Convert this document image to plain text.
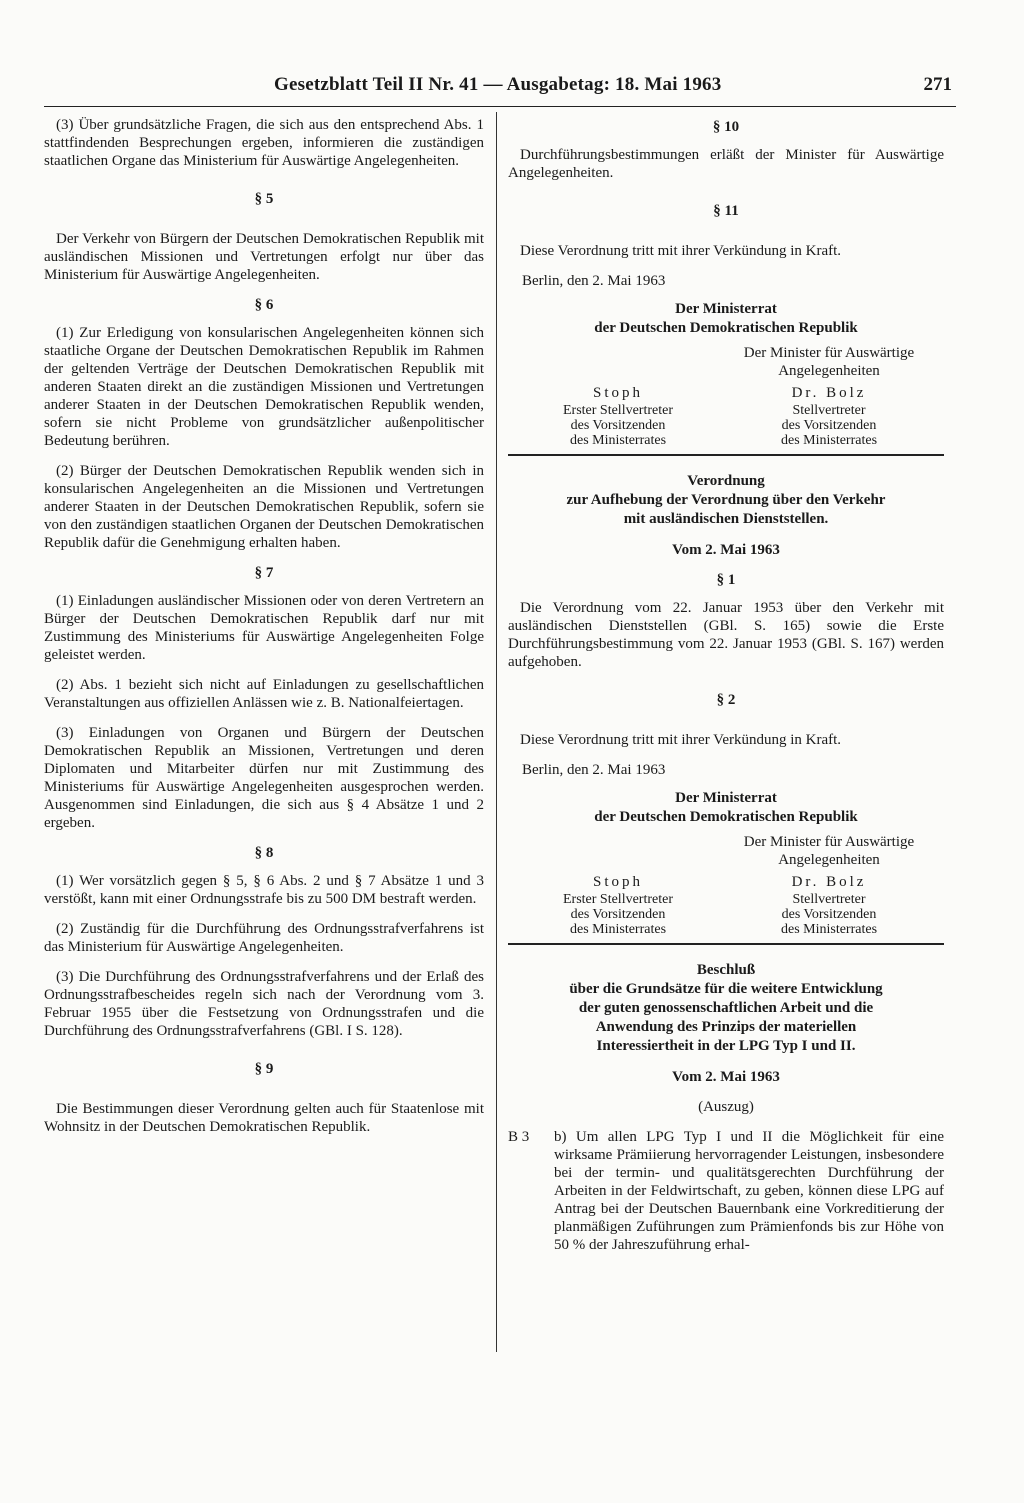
Gesetzblatt Teil II Nr. 41 — Ausgabetag: 18. Mai 1963	271

(3) Über grundsätzliche Fragen, die sich aus den entsprechend Abs. 1 stattfindenden Besprechungen ergeben, informieren die zuständigen staatlichen Organe das Ministerium für Auswärtige Angelegenheiten.

§ 5

Der Verkehr von Bürgern der Deutschen Demokratischen Republik mit ausländischen Missionen und Vertretungen erfolgt nur über das Ministerium für Auswärtige Angelegenheiten.

§ 6

(1) Zur Erledigung von konsularischen Angelegenheiten können sich staatliche Organe der Deutschen Demokratischen Republik im Rahmen der geltenden Verträge der Deutschen Demokratischen Republik mit anderen Staaten direkt an die zuständigen Missionen und Vertretungen anderer Staaten in der Deutschen Demokratischen Republik wenden, sofern sie nicht Probleme von grundsätzlicher außenpolitischer Bedeutung berühren.

(2) Bürger der Deutschen Demokratischen Republik wenden sich in konsularischen Angelegenheiten an die Missionen und Vertretungen anderer Staaten in der Deutschen Demokratischen Republik, sofern sie von den zuständigen staatlichen Organen der Deutschen Demokratischen Republik dafür die Genehmigung erhalten haben.

§ 7

(1) Einladungen ausländischer Missionen oder von deren Vertretern an Bürger der Deutschen Demokratischen Republik darf nur mit Zustimmung des Ministeriums für Auswärtige Angelegenheiten Folge geleistet werden.

(2) Abs. 1 bezieht sich nicht auf Einladungen zu gesellschaftlichen Veranstaltungen aus offiziellen Anlässen wie z. B. Nationalfeiertagen.

(3) Einladungen von Organen und Bürgern der Deutschen Demokratischen Republik an Missionen, Vertretungen und deren Diplomaten und Mitarbeiter dürfen nur mit Zustimmung des Ministeriums für Auswärtige Angelegenheiten ausgesprochen werden. Ausgenommen sind Einladungen, die sich aus § 4 Absätze 1 und 2 ergeben.

§ 8

(1) Wer vorsätzlich gegen § 5, § 6 Abs. 2 und § 7 Absätze 1 und 3 verstößt, kann mit einer Ordnungsstrafe bis zu 500 DM bestraft werden.

(2) Zuständig für die Durchführung des Ordnungsstrafverfahrens ist das Ministerium für Auswärtige Angelegenheiten.

(3) Die Durchführung des Ordnungsstrafverfahrens und der Erlaß des Ordnungsstrafbescheides regeln sich nach der Verordnung vom 3. Februar 1955 über die Festsetzung von Ordnungsstrafen und die Durchführung des Ordnungsstrafverfahrens (GBl. I S. 128).

§ 9

Die Bestimmungen dieser Verordnung gelten auch für Staatenlose mit Wohnsitz in der Deutschen Demokratischen Republik.

§ 10

Durchführungsbestimmungen erläßt der Minister für Auswärtige Angelegenheiten.

§ 11

Diese Verordnung tritt mit ihrer Verkündung in Kraft.

Berlin, den 2. Mai 1963
Der Ministerrat
der Deutschen Demokratischen Republik
Der Minister für Auswärtige
Angelegenheiten
Stoph
Erster Stellvertreter
des Vorsitzenden
des Ministerrates
Dr. Bolz
Stellvertreter
des Vorsitzenden
des Ministerrates
Verordnung
zur Aufhebung der Verordnung über den Verkehr
mit ausländischen Dienststellen.
Vom 2. Mai 1963
§ 1

Die Verordnung vom 22. Januar 1953 über den Verkehr mit ausländischen Dienststellen (GBl. S. 165) sowie die Erste Durchführungsbestimmung vom 22. Januar 1953 (GBl. S. 167) werden aufgehoben.

§ 2

Diese Verordnung tritt mit ihrer Verkündung in Kraft.

Berlin, den 2. Mai 1963
Der Ministerrat
der Deutschen Demokratischen Republik
Der Minister für Auswärtige
Angelegenheiten
Stoph
Erster Stellvertreter
des Vorsitzenden
des Ministerrates
Dr. Bolz
Stellvertreter
des Vorsitzenden
des Ministerrates
Beschluß
über die Grundsätze für die weitere Entwicklung
der guten genossenschaftlichen Arbeit und die
Anwendung des Prinzips der materiellen
Interessiertheit in der LPG Typ I und II.
Vom 2. Mai 1963
(Auszug)
B 3	b) Um allen LPG Typ I und II die Möglichkeit für eine wirksame Prämiierung hervorragender Leistungen, insbesondere bei der termin- und qualitätsgerechten Durchführung der Arbeiten in der Feldwirtschaft, zu geben, können diese LPG auf Antrag bei der Deutschen Bauernbank eine Vorkreditierung der planmäßigen Zuführungen zum Prämienfonds bis zur Höhe von 50 % der Jahreszuführung erhal-
